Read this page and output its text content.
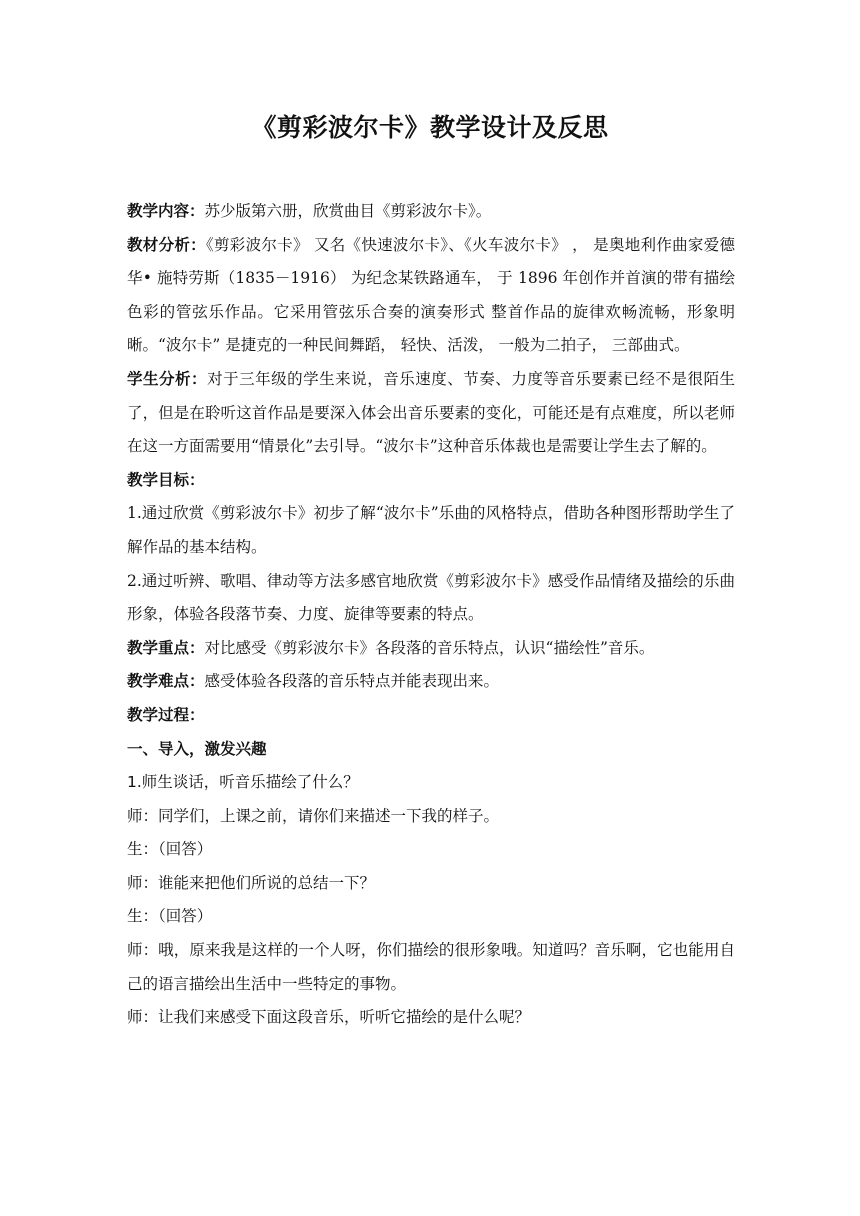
《剪彩波尔卡》教学设计及反思

教学内容：苏少版第六册，欣赏曲目《剪彩波尔卡》。

教材分析：《剪彩波尔卡》 又名《快速波尔卡》、《火车波尔卡》 ， 是奥地利作曲家爱德华• 施特劳斯（1835－1916） 为纪念某铁路通车， 于 1896 年创作并首演的带有描绘色彩的管弦乐作品。它采用管弦乐合奏的演奏形式 整首作品的旋律欢畅流畅，形象明晰。“波尔卡” 是捷克的一种民间舞蹈， 轻快、活泼， 一般为二拍子， 三部曲式。

学生分析：对于三年级的学生来说，音乐速度、节奏、力度等音乐要素已经不是很陌生了，但是在聆听这首作品是要深入体会出音乐要素的变化，可能还是有点难度，所以老师在这一方面需要用“情景化”去引导。“波尔卡”这种音乐体裁也是需要让学生去了解的。

教学目标：

1.通过欣赏《剪彩波尔卡》初步了解“波尔卡”乐曲的风格特点，借助各种图形帮助学生了解作品的基本结构。

2.通过听辨、歌唱、律动等方法多感官地欣赏《剪彩波尔卡》感受作品情绪及描绘的乐曲形象，体验各段落节奏、力度、旋律等要素的特点。

教学重点：对比感受《剪彩波尔卡》各段落的音乐特点，认识“描绘性”音乐。

教学难点：感受体验各段落的音乐特点并能表现出来。

教学过程：

一、导入，激发兴趣

1.师生谈话，听音乐描绘了什么？

师：同学们，上课之前，请你们来描述一下我的样子。

生：（回答）

师：谁能来把他们所说的总结一下？

生：（回答）

师：哦，原来我是这样的一个人呀，你们描绘的很形象哦。知道吗？音乐啊，它也能用自己的语言描绘出生活中一些特定的事物。

师：让我们来感受下面这段音乐，听听它描绘的是什么呢？
